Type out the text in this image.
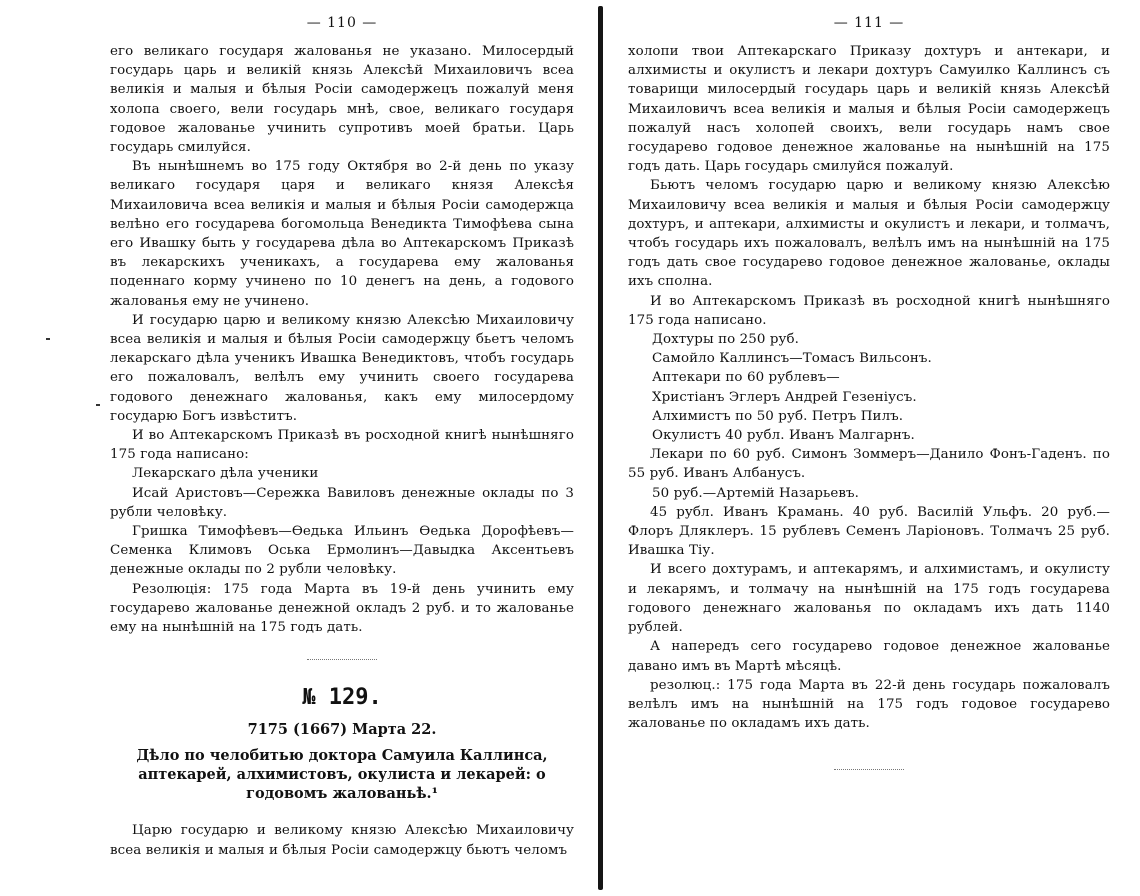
— 110 —

его великаго государя жалованья не указано. Милосердый государь царь и великій князь Алексѣй Михаиловичъ всеа великія и малыя и бѣлыя Росіи самодержецъ пожалуй меня холопа своего, вели государь мнѣ, свое, великаго государя годовое жалованье учинить супротивъ моей братьи. Царь государь смилуйся.

Въ нынѣшнемъ во 175 году Октября во 2-й день по указу великаго государя царя и великаго князя Алексѣя Михаиловича всеа великія и малыя и бѣлыя Росіи самодержца велѣно его государева богомольца Венедикта Тимофѣева сына его Ивашку быть у государева дѣла во Аптекарскомъ Приказѣ въ лекарскихъ ученикахъ, а государева ему жалованья поденнаго корму учинено по 10 денегъ на день, а годового жалованья ему не учинено.

И государю царю и великому князю Алексѣю Михаиловичу всеа великія и малыя и бѣлыя Росіи самодержцу бьетъ челомъ лекарскаго дѣла ученикъ Ивашка Венедиктовъ, чтобъ государь его пожаловалъ, велѣлъ ему учинить своего государева годового денежнаго жалованья, какъ ему милосердому государю Богъ извѣститъ.

И во Аптекарскомъ Приказѣ въ росходной книгѣ нынѣшняго 175 года написано:

Лекарскаго дѣла ученики

Исай Аристовъ—Сережка Вавиловъ денежные оклады по 3 рубли человѣку.

Гришка Тимофѣевъ—Ѳедька Ильинъ Ѳедька Дорофѣевъ—Семенка Климовъ Оська Ермолинъ—Давыдка Аксентьевъ денежные оклады по 2 рубли человѣку.

Резолюція: 175 года Марта въ 19-й день учинить ему государево жалованье денежной окладъ 2 руб. и то жалованье ему на нынѣшній на 175 годъ дать.

№ 129.
7175 (1667) Марта 22.
Дѣло по челобитью доктора Самуила Каллинса, аптекарей, алхимистовъ, окулиста и лекарей: о годовомъ жалованьѣ.¹

Царю государю и великому князю Алексѣю Михаиловичу всеа великія и малыя и бѣлыя Росіи самодержцу бьютъ челомъ

— 111 —

холопи твои Аптекарскаго Приказу дохтуръ и антекари, и алхимисты и окулистъ и лекари дохтуръ Самуилко Каллинсъ съ товарищи милосердый государь царь и великій князь Алексѣй Михаиловичъ всеа великія и малыя и бѣлыя Росіи самодержецъ пожалуй насъ холопей своихъ, вели государь намъ свое государево годовое денежное жалованье на нынѣшній на 175 годъ дать. Царь государь смилуйся пожалуй.

Бьютъ челомъ государю царю и великому князю Алексѣю Михаиловичу всеа великія и малыя и бѣлыя Росіи самодержцу дохтуръ, и аптекари, алхимисты и окулистъ и лекари, и толмачъ, чтобъ государь ихъ пожаловалъ, велѣлъ имъ на нынѣшній на 175 годъ дать свое государево годовое денежное жалованье, оклады ихъ сполна.

И во Аптекарскомъ Приказѣ въ росходной книгѣ нынѣшняго 175 года написано.

Дохтуры по 250 руб.

Самойло Каллинсъ—Томасъ Вильсонъ.

Аптекари по 60 рублевъ—

Христіанъ Эглеръ Андрей Гезеніусъ.

Алхимистъ по 50 руб. Петръ Пилъ.

Окулистъ 40 рубл. Иванъ Малгарнъ.

Лекари по 60 руб. Симонъ Зоммеръ—Данило Фонъ-Гаденъ. по 55 руб. Иванъ Албанусъ.

50 руб.—Артемій Назарьевъ.

45 рубл. Иванъ Крамань. 40 руб. Василій Ульфъ. 20 руб.—Флоръ Дляклеръ. 15 рублевъ Семенъ Ларіоновъ. Толмачъ 25 руб. Ивашка Тіу.

И всего дохтурамъ, и аптекарямъ, и алхимистамъ, и окулисту и лекарямъ, и толмачу на нынѣшній на 175 годъ государева годового денежнаго жалованья по окладамъ ихъ дать 1140 рублей.

А напередъ сего государево годовое денежное жалованье давано имъ въ Мартѣ мѣсяцѣ.

резолюц.: 175 года Марта въ 22-й день государь пожаловалъ велѣлъ имъ на нынѣшній на 175 годъ годовое государево жалованье по окладамъ ихъ дать.
